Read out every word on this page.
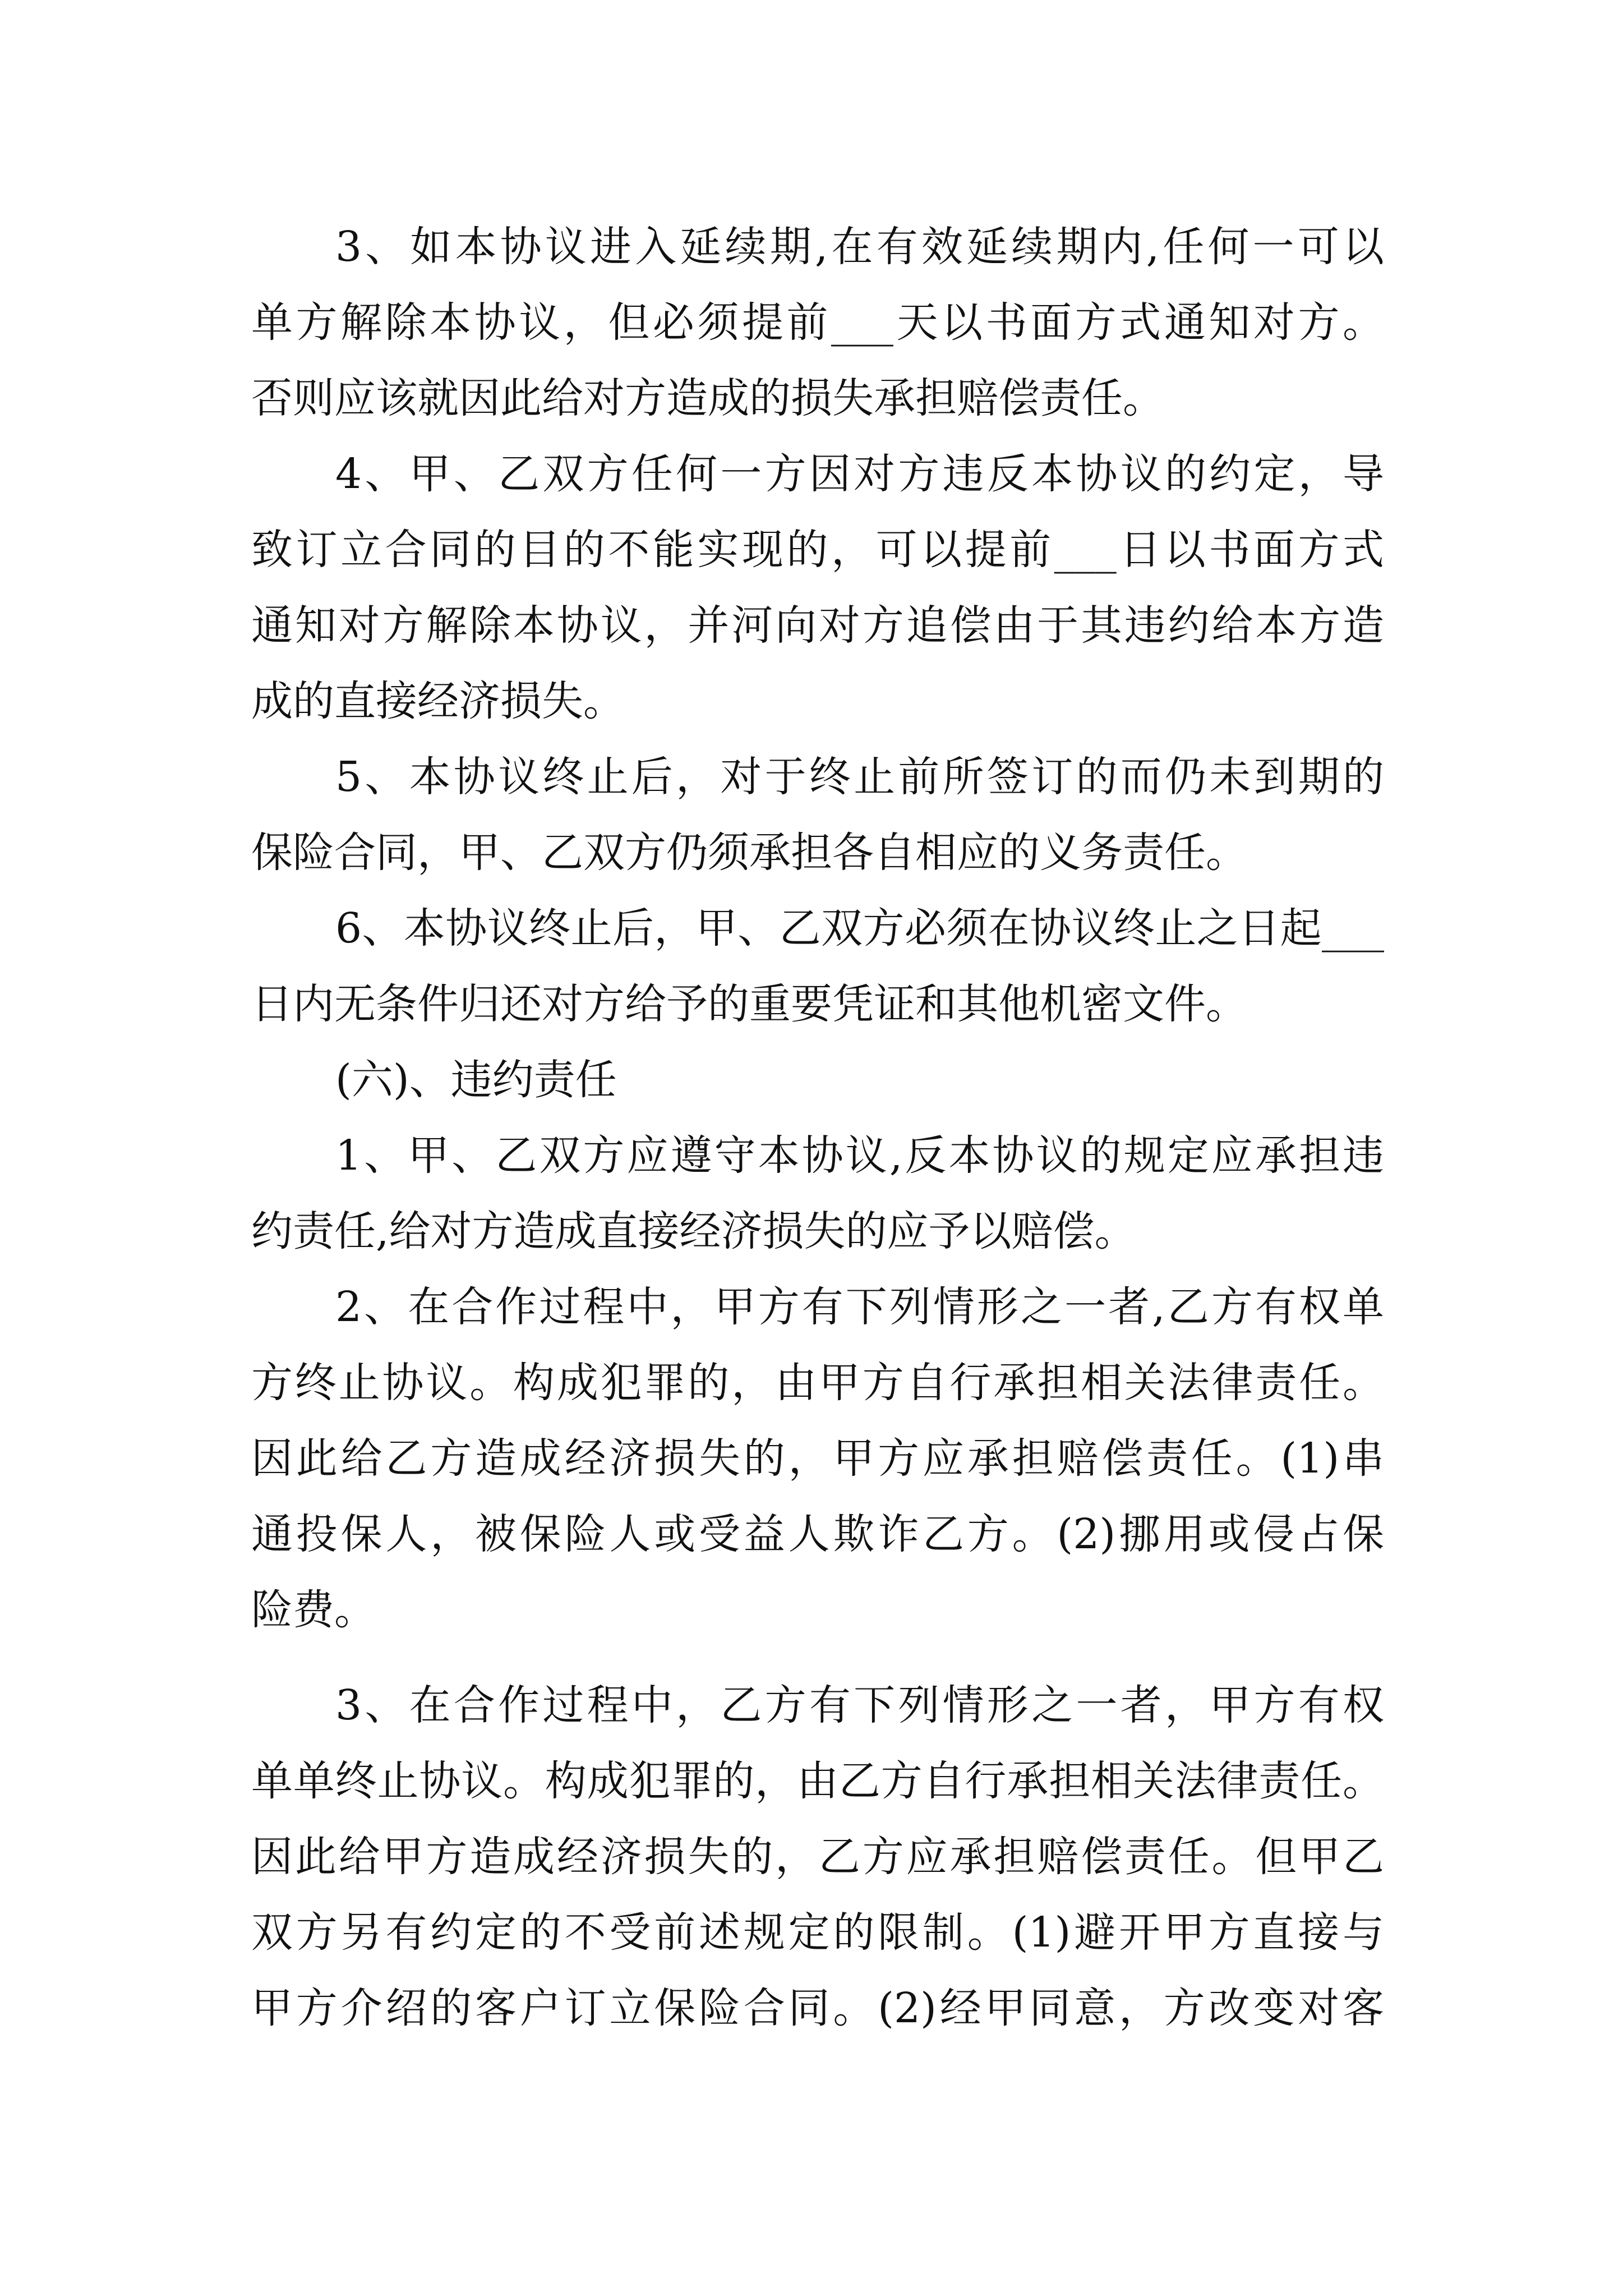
3、如本协议进入延续期,在有效延续期内,任何一可以
单方解除本协议，但必须提前___天以书面方式通知对方。
否则应该就因此给对方造成的损失承担赔偿责任。
4、甲、乙双方任何一方因对方违反本协议的约定，导
致订立合同的目的不能实现的，可以提前___日以书面方式
通知对方解除本协议，并河向对方追偿由于其违约给本方造
成的直接经济损失。
5、本协议终止后，对于终止前所签订的而仍未到期的
保险合同，甲、乙双方仍须承担各自相应的义务责任。
6、本协议终止后，甲、乙双方必须在协议终止之日起___
日内无条件归还对方给予的重要凭证和其他机密文件。
(六)、违约责任
1、甲、乙双方应遵守本协议,反本协议的规定应承担违
约责任,给对方造成直接经济损失的应予以赔偿。
2、在合作过程中，甲方有下列情形之一者,乙方有权单
方终止协议。构成犯罪的，由甲方自行承担相关法律责任。
因此给乙方造成经济损失的，甲方应承担赔偿责任。(1)串
通投保人，被保险人或受益人欺诈乙方。(2)挪用或侵占保
险费。
3、在合作过程中，乙方有下列情形之一者，甲方有权
单单终止协议。构成犯罪的，由乙方自行承担相关法律责任。
因此给甲方造成经济损失的，乙方应承担赔偿责任。但甲乙
双方另有约定的不受前述规定的限制。(1)避开甲方直接与
甲方介绍的客户订立保险合同。(2)经甲同意，方改变对客
